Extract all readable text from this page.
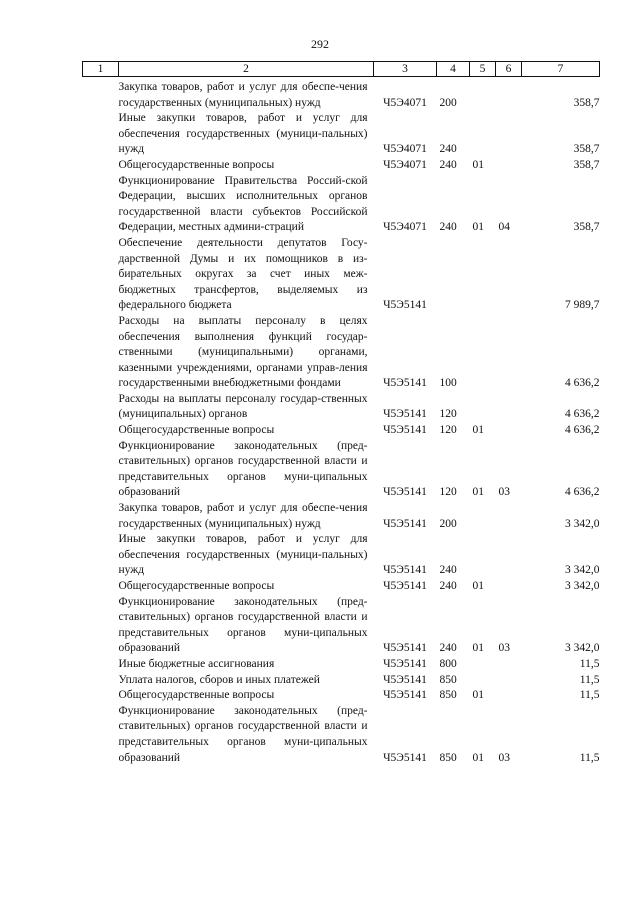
292
1	2	3	4	5	6	7
	Закупка товаров, работ и услуг для обеспе-чения государственных (муниципальных) нужд	Ч5Э4071	200			358,7
	Иные закупки товаров, работ и услуг для обеспечения государственных (муници-пальных) нужд	Ч5Э4071	240			358,7
	Общегосударственные вопросы	Ч5Э4071	240	01		358,7
	Функционирование Правительства Россий-ской Федерации, высших исполнительных органов государственной власти субъектов Российской Федерации, местных админи-страций	Ч5Э4071	240	01	04	358,7
	Обеспечение деятельности депутатов Госу-дарственной Думы и их помощников в из-бирательных округах за счет иных меж-бюджетных трансфертов, выделяемых из федерального бюджета	Ч5Э5141				7 989,7
	Расходы на выплаты персоналу в целях обеспечения выполнения функций государ-ственными (муниципальными) органами, казенными учреждениями, органами управ-ления государственными внебюджетными фондами	Ч5Э5141	100			4 636,2
	Расходы на выплаты персоналу государ-ственных (муниципальных) органов	Ч5Э5141	120			4 636,2
	Общегосударственные вопросы	Ч5Э5141	120	01		4 636,2
	Функционирование законодательных (пред-ставительных) органов государственной власти и представительных органов муни-ципальных образований	Ч5Э5141	120	01	03	4 636,2
	Закупка товаров, работ и услуг для обеспе-чения государственных (муниципальных) нужд	Ч5Э5141	200			3 342,0
	Иные закупки товаров, работ и услуг для обеспечения государственных (муници-пальных) нужд	Ч5Э5141	240			3 342,0
	Общегосударственные вопросы	Ч5Э5141	240	01		3 342,0
	Функционирование законодательных (пред-ставительных) органов государственной власти и представительных органов муни-ципальных образований	Ч5Э5141	240	01	03	3 342,0
	Иные бюджетные ассигнования	Ч5Э5141	800			11,5
	Уплата налогов, сборов и иных платежей	Ч5Э5141	850			11,5
	Общегосударственные вопросы	Ч5Э5141	850	01		11,5
	Функционирование законодательных (пред-ставительных) органов государственной власти и представительных органов муни-ципальных образований	Ч5Э5141	850	01	03	11,5
